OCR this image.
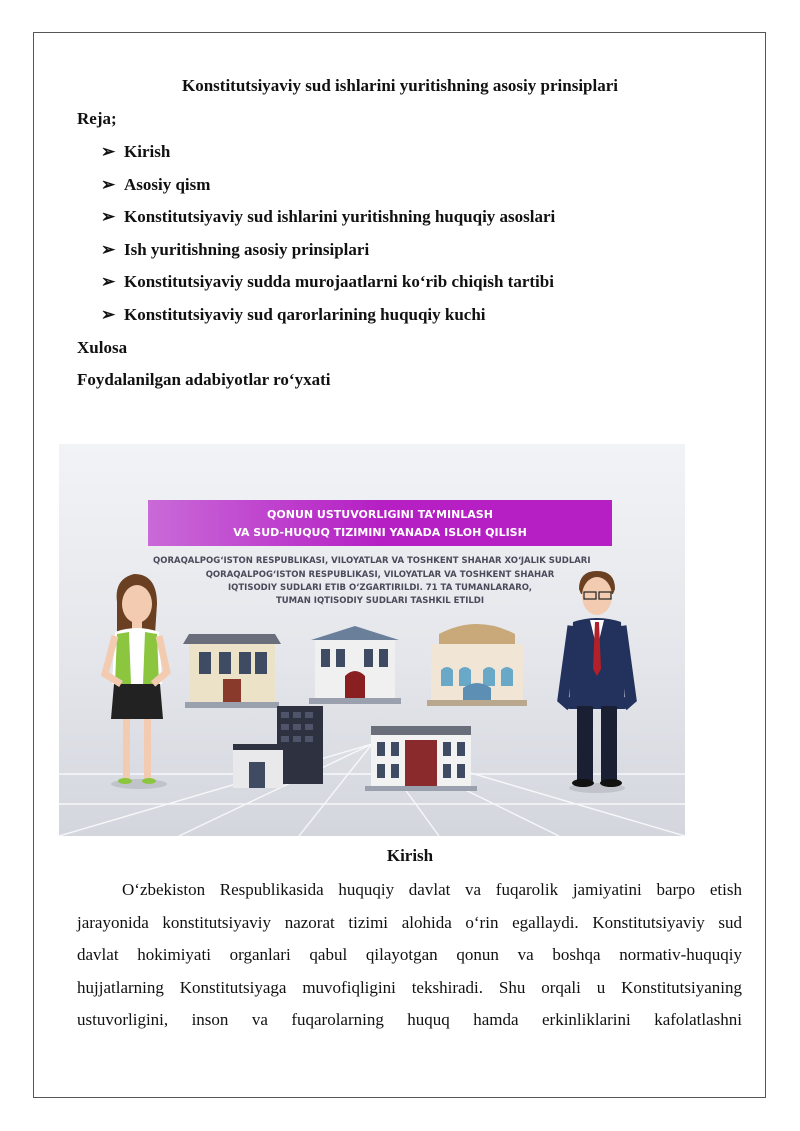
Konstitutsiyaviy sud ishlarini yuritishning asosiy prinsiplari
Reja;
➢ Kirish
➢ Asosiy qism
➢ Konstitutsiyaviy sud ishlarini yuritishning huquqiy asoslari
➢ Ish yuritishning asosiy prinsiplari
➢ Konstitutsiyaviy sudda murojaatlarni ko‘rib chiqish tartibi
➢ Konstitutsiyaviy sud qarorlarining huquqiy kuchi
Xulosa
Foydalanilgan adabiyotlar ro‘yxati
QONUN USTUVORLIGINI TA’MINLASH
VA SUD-HUQUQ TIZIMINI YANADA ISLOH QILISH
QORAQALPOG‘ISTON RESPUBLIKASI, VILOYATLAR VA TOSHKENT SHAHAR XO‘JALIK SUDLARI
QORAQALPOG‘ISTON RESPUBLIKASI, VILOYATLAR VA TOSHKENT SHAHAR
IQTISODIY SUDLARI ETIB O‘ZGARTIRILDI. 71 TA TUMANLARARO,
TUMAN IQTISODIY SUDLARI TASHKIL ETILDI
Kirish

O‘zbekiston Respublikasida huquqiy davlat va fuqarolik jamiyatini barpo etish

jarayonida konstitutsiyaviy nazorat tizimi alohida o‘rin egallaydi. Konstitutsiyaviy sud

davlat hokimiyati organlari qabul qilayotgan qonun va boshqa normativ-huquqiy

hujjatlarning Konstitutsiyaga muvofiqligini tekshiradi. Shu orqali u Konstitutsiyaning

ustuvorligini, inson va fuqarolarning huquq hamda erkinliklarini kafolatlashni
